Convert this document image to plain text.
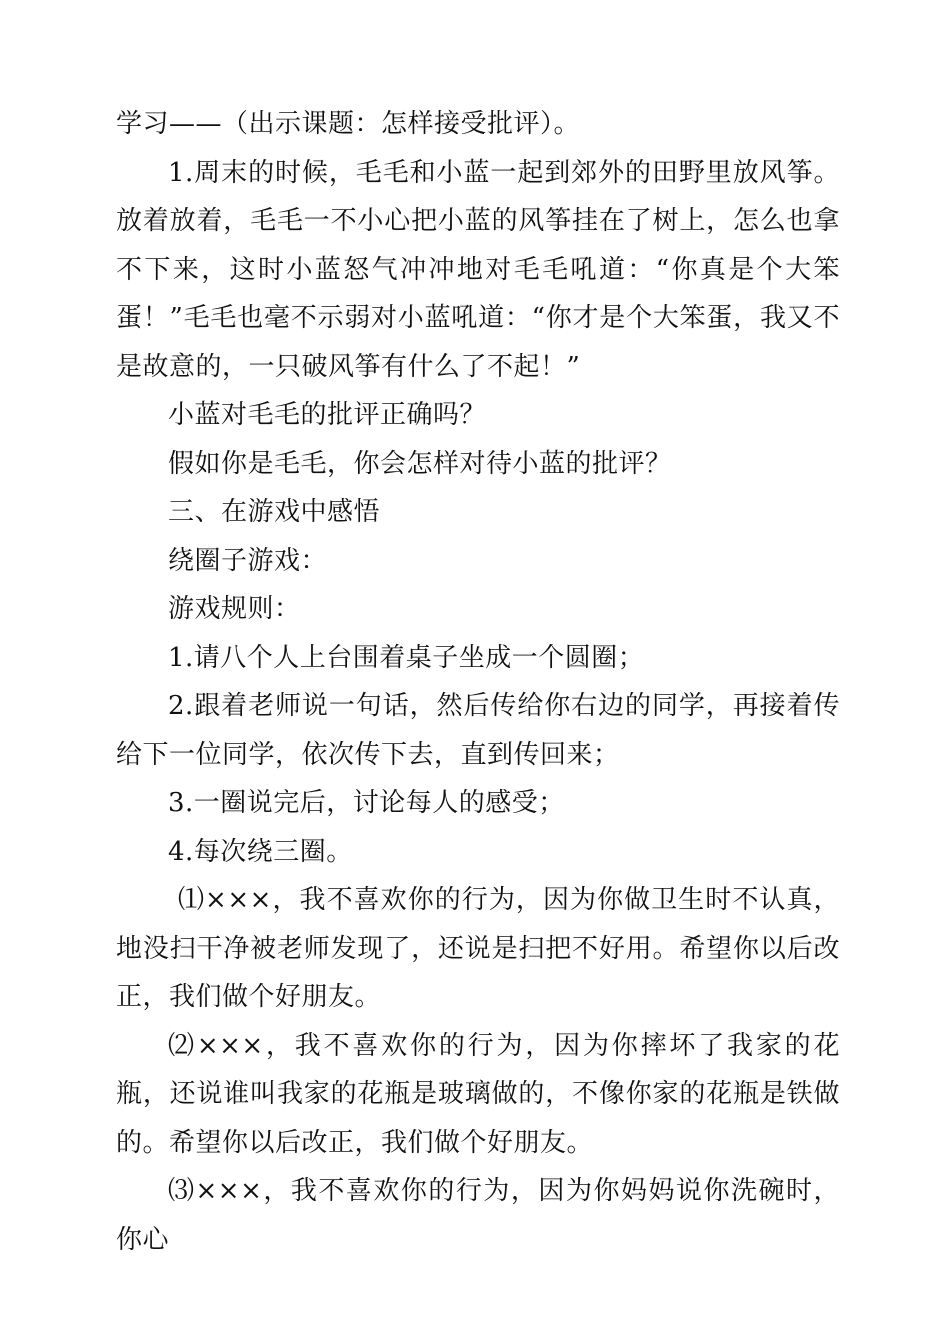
学习——（出示课题：怎样接受批评）。

1.周末的时候，毛毛和小蓝一起到郊外的田野里放风筝。放着放着，毛毛一不小心把小蓝的风筝挂在了树上，怎么也拿不下来，这时小蓝怒气冲冲地对毛毛吼道：“你真是个大笨蛋！”毛毛也毫不示弱对小蓝吼道：“你才是个大笨蛋，我又不是故意的，一只破风筝有什么了不起！”

小蓝对毛毛的批评正确吗？

假如你是毛毛，你会怎样对待小蓝的批评？

三、在游戏中感悟

绕圈子游戏：

游戏规则：

1.请八个人上台围着桌子坐成一个圆圈；

2.跟着老师说一句话，然后传给你右边的同学，再接着传给下一位同学，依次传下去，直到传回来；

3.一圈说完后，讨论每人的感受；

4.每次绕三圈。

⑴×××，我不喜欢你的行为，因为你做卫生时不认真，地没扫干净被老师发现了，还说是扫把不好用。希望你以后改正，我们做个好朋友。

⑵×××，我不喜欢你的行为，因为你摔坏了我家的花瓶，还说谁叫我家的花瓶是玻璃做的，不像你家的花瓶是铁做的。希望你以后改正，我们做个好朋友。

⑶×××，我不喜欢你的行为，因为你妈妈说你洗碗时，你心
